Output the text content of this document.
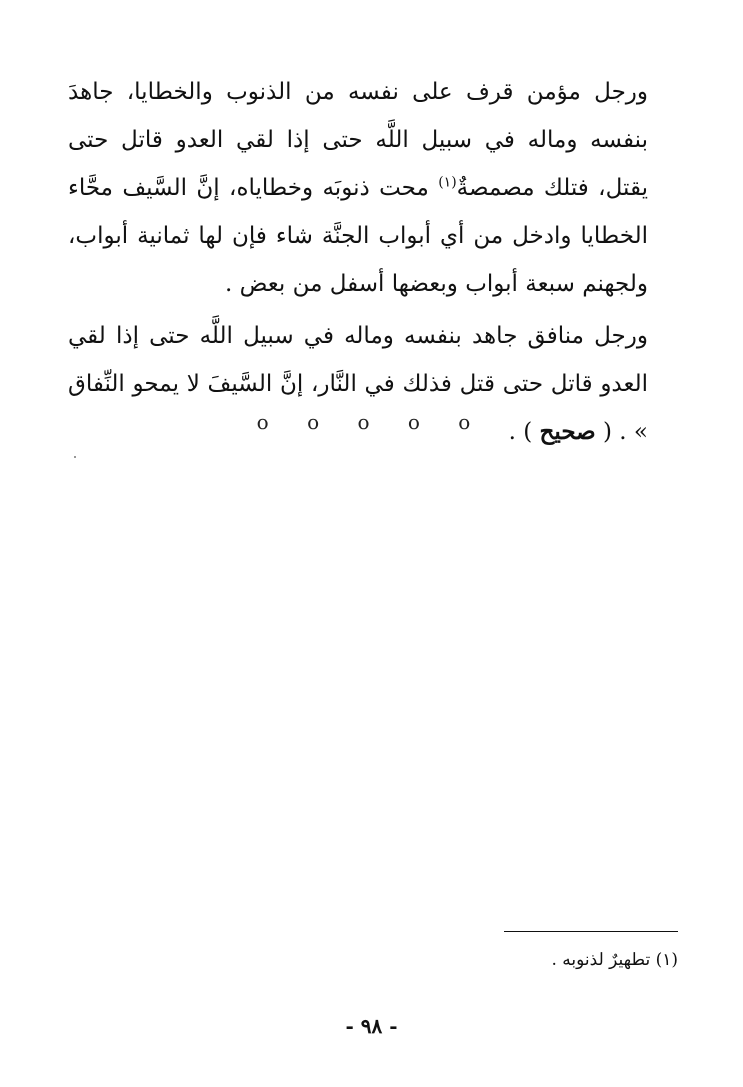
ورجل مؤمن قرف على نفسه من الذنوب والخطايا، جاهدَ بنفسه وماله في سبيل اللَّه حتى إذا لقي العدو قاتل حتى يقتل، فتلك مصمصةٌ$^{(١)}$ محت ذنوبَه وخطاياه، إنَّ السَّيف محَّاء الخطايا وادخل من أي أبواب الجنَّة شاء فإن لها ثمانية أبواب، ولجهنم سبعة أبواب وبعضها أسفل من بعض .

ورجل منافق جاهد بنفسه وماله في سبيل اللَّه حتى إذا لقي العدو قاتل حتى قتل فذلك في النَّار، إنَّ السَّيفَ لا يمحو النِّفاق » . ( صحيح ) .

o o o o o
(١) تطهيرٌ لذنوبه .
- ٩٨ -
